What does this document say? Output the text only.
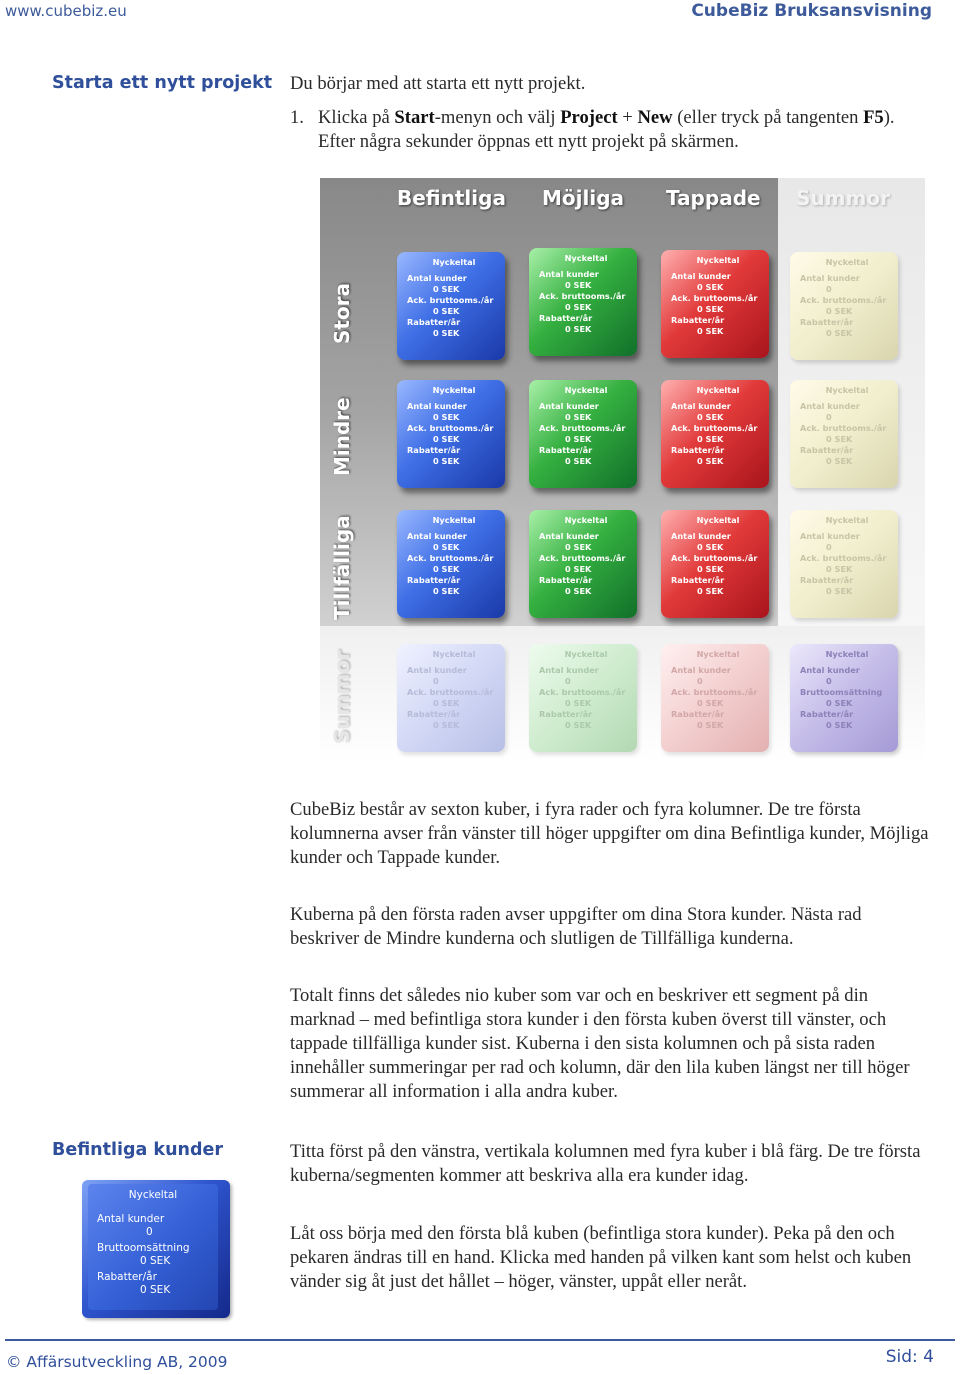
www.cubebiz.eu	CubeBiz Bruksansvisning
Starta ett nytt projekt Du börjar med att starta ett nytt projekt.

1. Klicka på Start-menyn och välj Project + New (eller tryck på tangenten F5). Efter några sekunder öppnas ett nytt projekt på skärmen.

Befintliga Möjliga Tappade Summor
Stora
Mindre
Tillfälliga
Summor
Nyckeltal
Antal kunder
0 SEK
Ack. bruttooms./år
0 SEK
Rabatter/år
0 SEK
Nyckeltal
Antal kunder
0 SEK
Ack. bruttooms./år
0 SEK
Rabatter/år
0 SEK
Nyckeltal
Antal kunder
0 SEK
Ack. bruttooms./år
0 SEK
Rabatter/år
0 SEK
Nyckeltal
Antal kunder
0
Ack. bruttooms./år
0 SEK
Rabatter/år
0 SEK
Nyckeltal
Antal kunder
0 SEK
Ack. bruttooms./år
0 SEK
Rabatter/år
0 SEK
Nyckeltal
Antal kunder
0 SEK
Ack. bruttooms./år
0 SEK
Rabatter/år
0 SEK
Nyckeltal
Antal kunder
0 SEK
Ack. bruttooms./år
0 SEK
Rabatter/år
0 SEK
Nyckeltal
Antal kunder
0
Ack. bruttooms./år
0 SEK
Rabatter/år
0 SEK
Nyckeltal
Antal kunder
0 SEK
Ack. bruttooms./år
0 SEK
Rabatter/år
0 SEK
Nyckeltal
Antal kunder
0 SEK
Ack. bruttooms./år
0 SEK
Rabatter/år
0 SEK
Nyckeltal
Antal kunder
0 SEK
Ack. bruttooms./år
0 SEK
Rabatter/år
0 SEK
Nyckeltal
Antal kunder
0
Ack. bruttooms./år
0 SEK
Rabatter/år
0 SEK
Nyckeltal
Antal kunder
0
Ack. bruttooms./år
0 SEK
Rabatter/år
0 SEK
Nyckeltal
Antal kunder
0
Ack. bruttooms./år
0 SEK
Rabatter/år
0 SEK
Nyckeltal
Antal kunder
0
Ack. bruttooms./år
0 SEK
Rabatter/år
0 SEK
Nyckeltal
Antal kunder
0
Bruttoomsättning
0 SEK
Rabatter/år
0 SEK

CubeBiz består av sexton kuber, i fyra rader och fyra kolumner. De tre första kolumnerna avser från vänster till höger uppgifter om dina Befintliga kunder, Möjliga kunder och Tappade kunder.

Kuberna på den första raden avser uppgifter om dina Stora kunder. Nästa rad beskriver de Mindre kunderna och slutligen de Tillfälliga kunderna.

Totalt finns det således nio kuber som var och en beskriver ett segment på din marknad – med befintliga stora kunder i den första kuben överst till vänster, och tappade tillfälliga kunder sist. Kuberna i den sista kolumnen och på sista raden innehåller summeringar per rad och kolumn, där den lila kuben längst ner till höger summerar all information i alla andra kuber.

Befintliga kunder
Nyckeltal
Antal kunder
0
Bruttoomsättning
0 SEK
Rabatter/år
0 SEK

Titta först på den vänstra, vertikala kolumnen med fyra kuber i blå färg. De tre första kuberna/segmenten kommer att beskriva alla era kunder idag.

Låt oss börja med den första blå kuben (befintliga stora kunder). Peka på den och pekaren ändras till en hand. Klicka med handen på vilken kant som helst och kuben vänder sig åt just det hållet – höger, vänster, uppåt eller neråt.

© Affärsutveckling AB, 2009	Sid: 4
